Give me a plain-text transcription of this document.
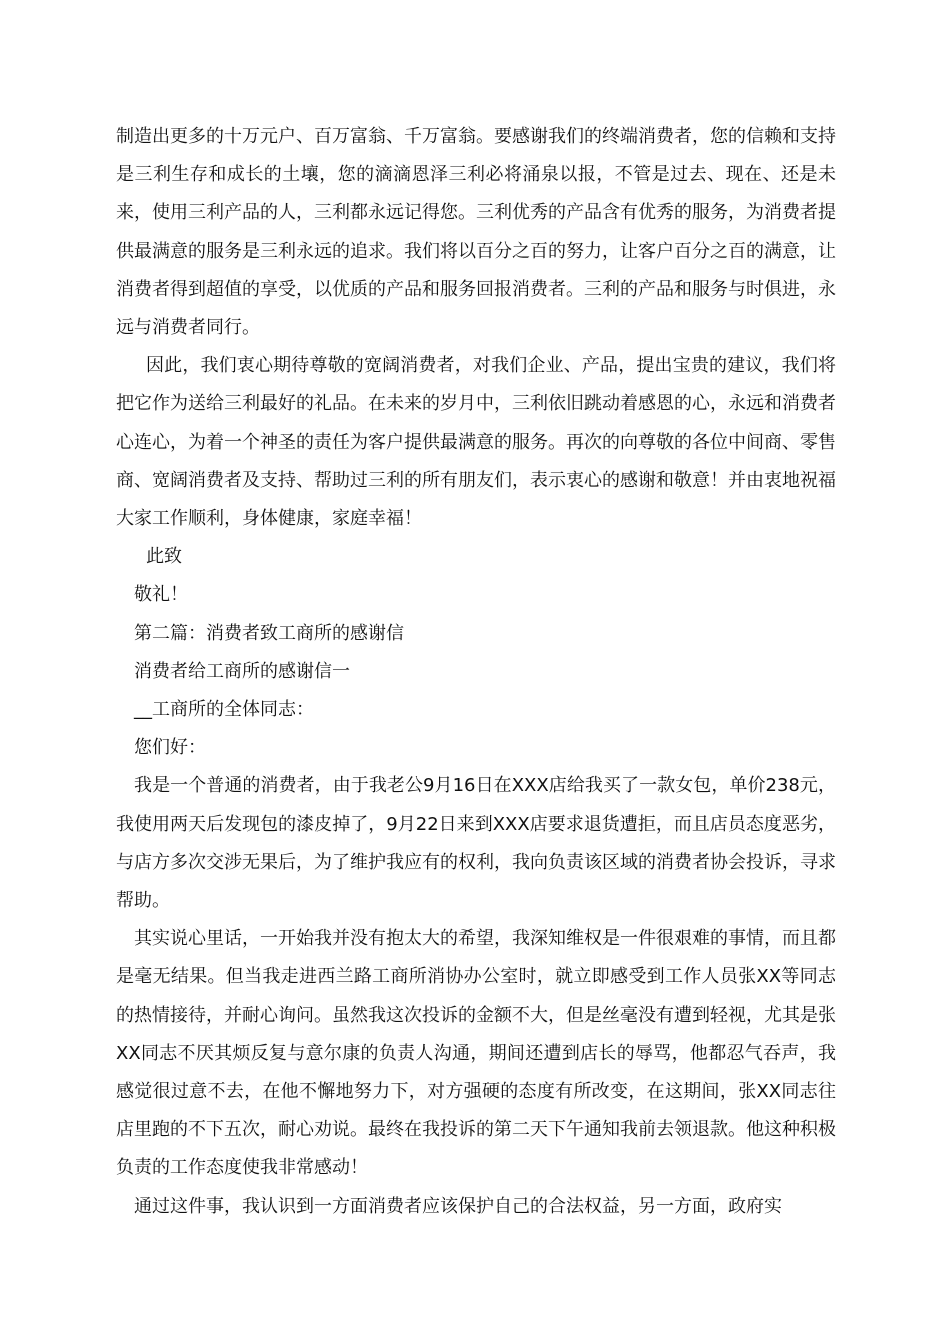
制造出更多的十万元户、百万富翁、千万富翁。要感谢我们的终端消费者，您的信赖和支持是三利生存和成长的土壤，您的滴滴恩泽三利必将涌泉以报，不管是过去、现在、还是未来，使用三利产品的人，三利都永远记得您。三利优秀的产品含有优秀的服务，为消费者提供最满意的服务是三利永远的追求。我们将以百分之百的努力，让客户百分之百的满意，让消费者得到超值的享受，以优质的产品和服务回报消费者。三利的产品和服务与时俱进，永远与消费者同行。

因此，我们衷心期待尊敬的宽阔消费者，对我们企业、产品，提出宝贵的建议，我们将把它作为送给三利最好的礼品。在未来的岁月中，三利依旧跳动着感恩的心，永远和消费者心连心，为着一个神圣的责任为客户提供最满意的服务。再次的向尊敬的各位中间商、零售商、宽阔消费者及支持、帮助过三利的所有朋友们，表示衷心的感谢和敬意！并由衷地祝福大家工作顺利，身体健康，家庭幸福！

此致

敬礼！

第二篇：消费者致工商所的感谢信

消费者给工商所的感谢信一

__工商所的全体同志：

您们好：

我是一个普通的消费者，由于我老公9月16日在XXX店给我买了一款女包，单价238元，我使用两天后发现包的漆皮掉了，9月22日来到XXX店要求退货遭拒，而且店员态度恶劣，与店方多次交涉无果后，为了维护我应有的权利，我向负责该区域的消费者协会投诉，寻求帮助。

其实说心里话，一开始我并没有抱太大的希望，我深知维权是一件很艰难的事情，而且都是毫无结果。但当我走进西兰路工商所消协办公室时，就立即感受到工作人员张XX等同志的热情接待，并耐心询问。虽然我这次投诉的金额不大，但是丝毫没有遭到轻视，尤其是张XX同志不厌其烦反复与意尔康的负责人沟通，期间还遭到店长的辱骂，他都忍气吞声，我感觉很过意不去，在他不懈地努力下，对方强硬的态度有所改变，在这期间，张XX同志往店里跑的不下五次，耐心劝说。最终在我投诉的第二天下午通知我前去领退款。他这种积极负责的工作态度使我非常感动！

通过这件事，我认识到一方面消费者应该保护自己的合法权益，另一方面，政府实
